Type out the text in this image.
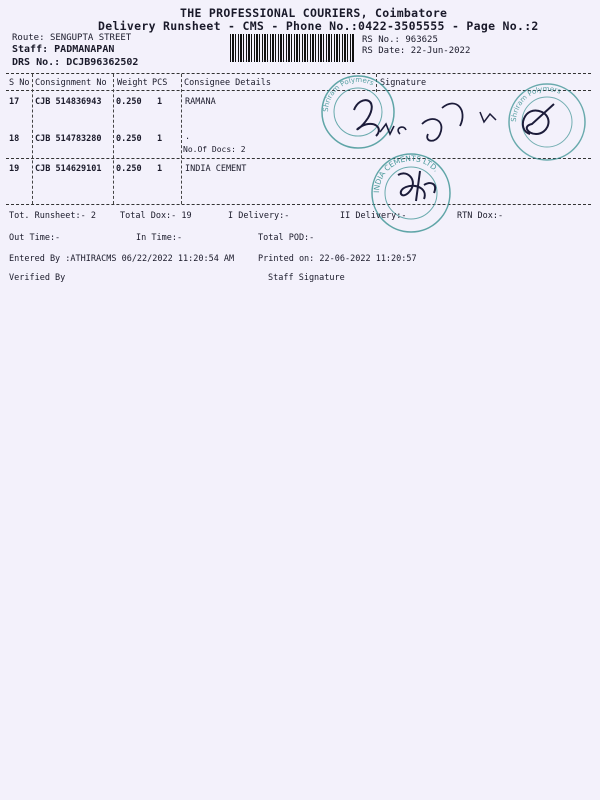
THE PROFESSIONAL COURIERS, Coimbatore
Delivery Runsheet - CMS - Phone No.:0422-3505555 - Page No.:2
Route: SENGUPTA STREET
Staff: PADMANAPAN
DRS No.: DCJB96362502
RS No.: 963625
RS Date: 22-Jun-2022
S No Consignment No Weight PCS Consignee Details	Signature
17 CJB 514836943 0.250 1	RAMANA
18 CJB 514783280 0.250 1	.
No.Of Docs: 2
19 CJB 514629101 0.250 1	INDIA CEMENT
Shriram Polymers
Shriram Polymers
INDIA CEMENTS LTD.
Tot. Runsheet:- 2	Total Dox:- 19	I Delivery:-	II Delivery:-	RTN Dox:-
Out Time:-	In Time:-	Total POD:-
Entered By :ATHIRACMS 06/22/2022 11:20:54 AM	Printed on: 22-06-2022 11:20:57
Verified By	Staff Signature
